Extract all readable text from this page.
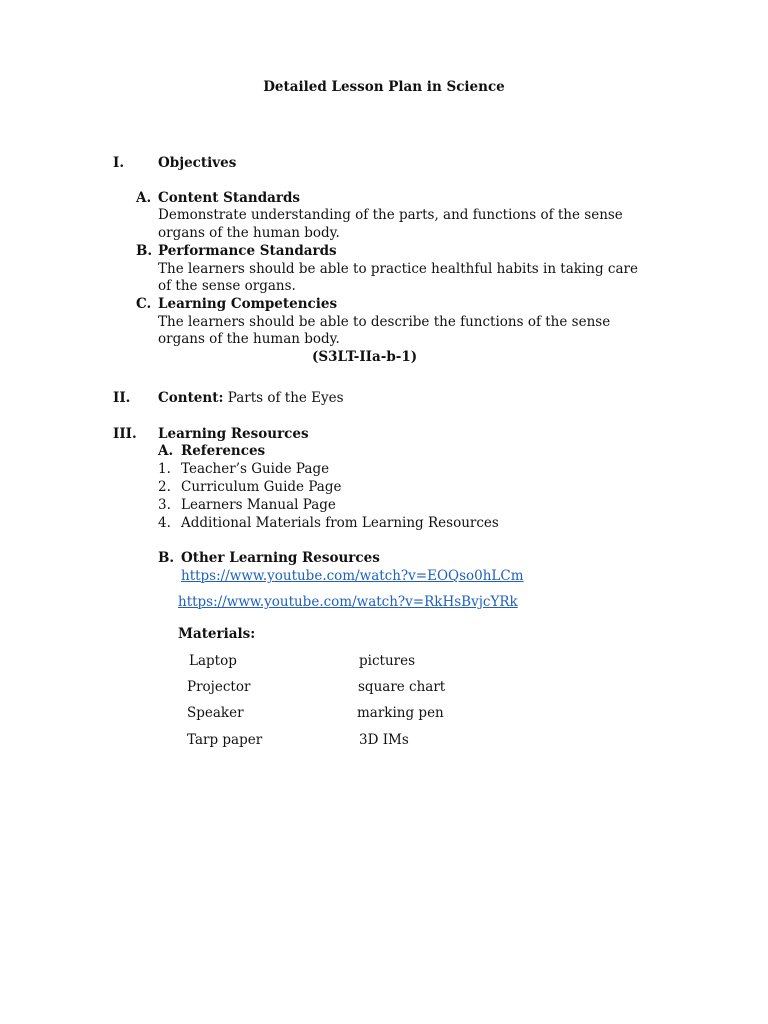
Detailed Lesson Plan in Science
I.	Objectives
A. Content Standards
Demonstrate understanding of the parts, and functions of the sense
organs of the human body.
B. Performance Standards
The learners should be able to practice healthful habits in taking care
of the sense organs.
C. Learning Competencies
The learners should be able to describe the functions of the sense
organs of the human body.
(S3LT-IIa-b-1)
II. Content: Parts of the Eyes
III. Learning Resources
A. References
1. Teacher’s Guide Page
2. Curriculum Guide Page
3. Learners Manual Page
4. Additional Materials from Learning Resources
B. Other Learning Resources
https://www.youtube.com/watch?v=EOQso0hLCm
https://www.youtube.com/watch?v=RkHsBvjcYRk
Materials:
Laptop	pictures
Projector	square chart
Speaker	marking pen
Tarp paper	3D IMs
